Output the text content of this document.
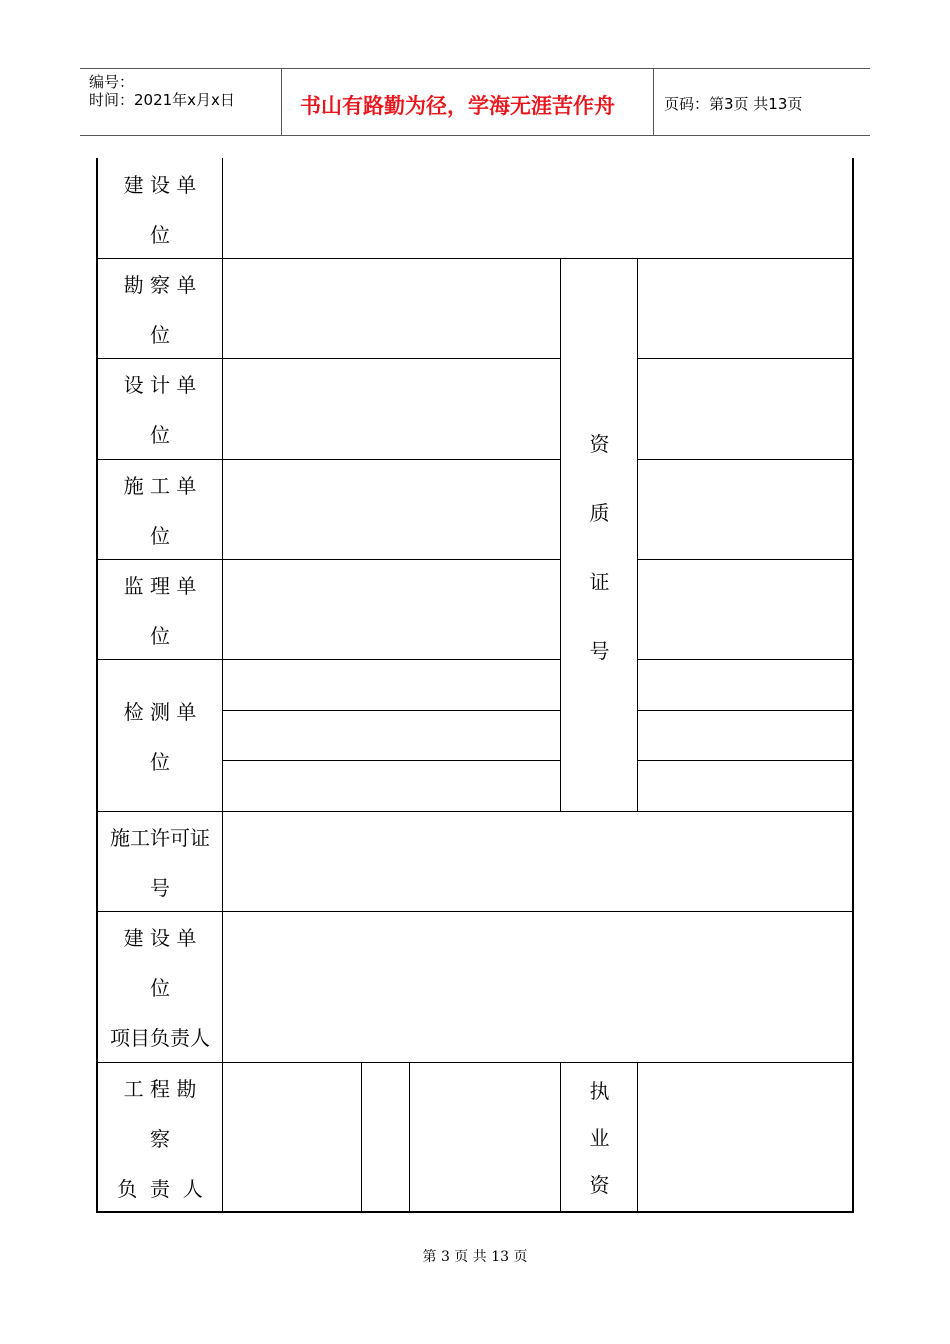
编号：
时间：2021年x月x日	书山有路勤为径，学海无涯苦作舟	页码：第3页 共13页
建 设 单
位
勘 察 单
位
设 计 单
位
施 工 单
位
监 理 单
位
检 测 单
位
资
质
证
号
施工许可证
号
建 设 单
位
项目负责人
工 程 勘
察
负  责  人
执
业
资
第 3 页 共 13 页
